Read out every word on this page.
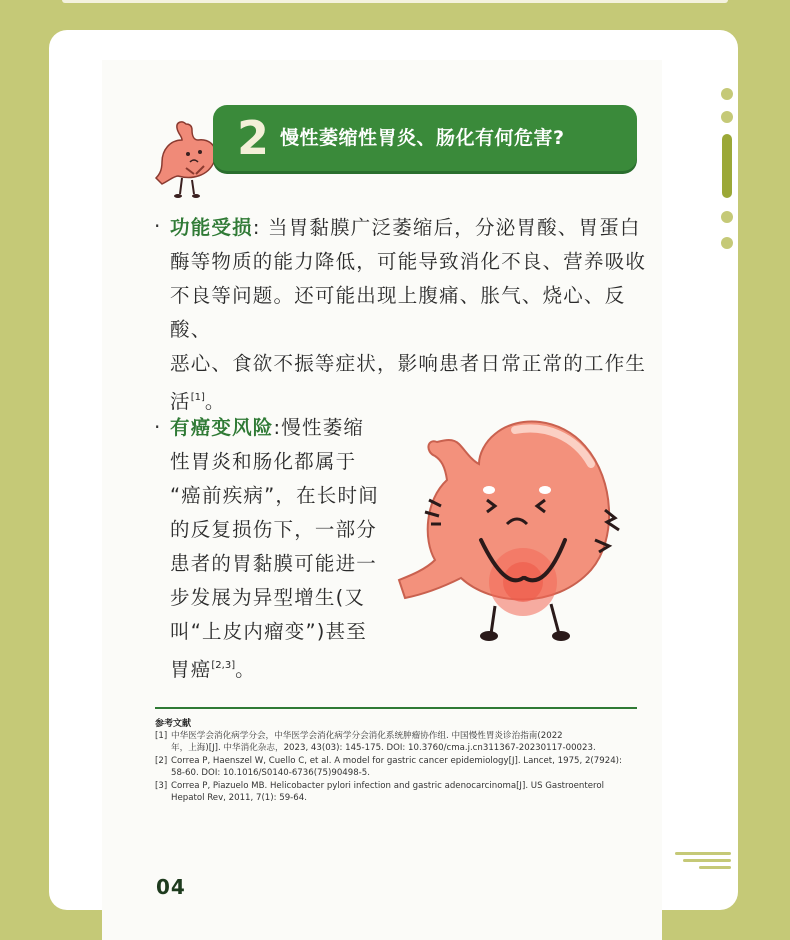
2 慢性萎缩性胃炎、肠化有何危害?
· 功能受损: 当胃黏膜广泛萎缩后，分泌胃酸、胃蛋白
酶等物质的能力降低，可能导致消化不良、营养吸收
不良等问题。还可能出现上腹痛、胀气、烧心、反酸、
恶心、食欲不振等症状，影响患者日常正常的工作生
活[1]。
· 有癌变风险:慢性萎缩
性胃炎和肠化都属于
“癌前疾病”，在长时间
的反复损伤下，一部分
患者的胃黏膜可能进一
步发展为异型增生(又
叫“上皮内瘤变”)甚至
胃癌[2,3]。
参考文献
[1] 中华医学会消化病学分会，中华医学会消化病学分会消化系统肿瘤协作组. 中国慢性胃炎诊治指南(2022
年，上海)[J]. 中华消化杂志，2023, 43(03): 145-175. DOI: 10.3760/cma.j.cn311367-20230117-00023.
[2] Correa P, Haenszel W, Cuello C, et al. A model for gastric cancer epidemiology[J]. Lancet, 1975, 2(7924):
58-60. DOI: 10.1016/S0140-6736(75)90498-5.
[3] Correa P, Piazuelo MB. Helicobacter pylori infection and gastric adenocarcinoma[J]. US Gastroenterol
Hepatol Rev, 2011, 7(1): 59-64.
04
